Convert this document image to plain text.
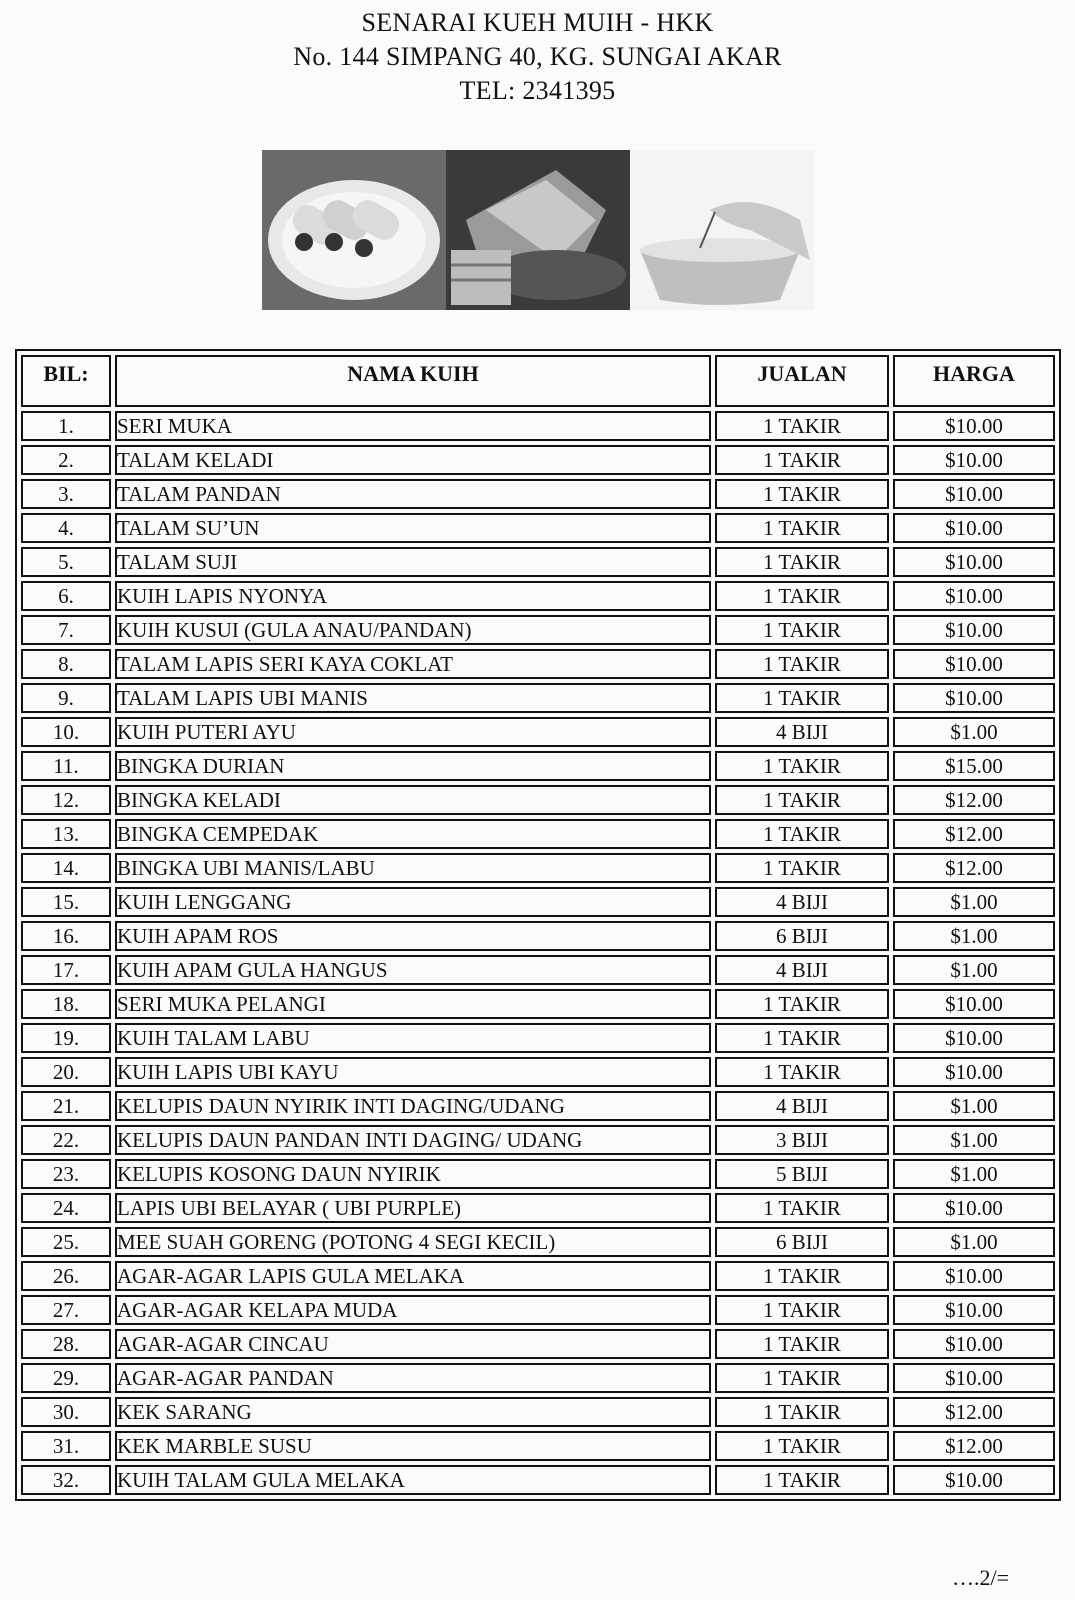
SENARAI KUEH MUIH - HKK
No. 144 SIMPANG 40, KG. SUNGAI AKAR
TEL: 2341395
BIL:	NAMA KUIH	JUALAN	HARGA
1.	SERI MUKA	1 TAKIR	$10.00
2.	TALAM KELADI	1 TAKIR	$10.00
3.	TALAM PANDAN	1 TAKIR	$10.00
4.	TALAM SU’UN	1 TAKIR	$10.00
5.	TALAM SUJI	1 TAKIR	$10.00
6.	KUIH LAPIS NYONYA	1 TAKIR	$10.00
7.	KUIH KUSUI (GULA ANAU/PANDAN)	1 TAKIR	$10.00
8.	TALAM LAPIS SERI KAYA COKLAT	1 TAKIR	$10.00
9.	TALAM LAPIS UBI MANIS	1 TAKIR	$10.00
10.	KUIH PUTERI AYU	4 BIJI	$1.00
11.	BINGKA DURIAN	1 TAKIR	$15.00
12.	BINGKA KELADI	1 TAKIR	$12.00
13.	BINGKA CEMPEDAK	1 TAKIR	$12.00
14.	BINGKA UBI MANIS/LABU	1 TAKIR	$12.00
15.	KUIH LENGGANG	4 BIJI	$1.00
16.	KUIH APAM ROS	6 BIJI	$1.00
17.	KUIH APAM GULA HANGUS	4 BIJI	$1.00
18.	SERI MUKA PELANGI	1 TAKIR	$10.00
19.	KUIH TALAM LABU	1 TAKIR	$10.00
20.	KUIH LAPIS UBI KAYU	1 TAKIR	$10.00
21.	KELUPIS DAUN NYIRIK INTI DAGING/UDANG	4 BIJI	$1.00
22.	KELUPIS DAUN PANDAN INTI DAGING/ UDANG	3 BIJI	$1.00
23.	KELUPIS KOSONG DAUN NYIRIK	5 BIJI	$1.00
24.	LAPIS UBI BELAYAR ( UBI PURPLE)	1 TAKIR	$10.00
25.	MEE SUAH GORENG (POTONG 4 SEGI KECIL)	6 BIJI	$1.00
26.	AGAR-AGAR LAPIS GULA MELAKA	1 TAKIR	$10.00
27.	AGAR-AGAR KELAPA MUDA	1 TAKIR	$10.00
28.	AGAR-AGAR CINCAU	1 TAKIR	$10.00
29.	AGAR-AGAR PANDAN	1 TAKIR	$10.00
30.	KEK SARANG	1 TAKIR	$12.00
31.	KEK MARBLE SUSU	1 TAKIR	$12.00
32.	KUIH TALAM GULA MELAKA	1 TAKIR	$10.00
….2/=
